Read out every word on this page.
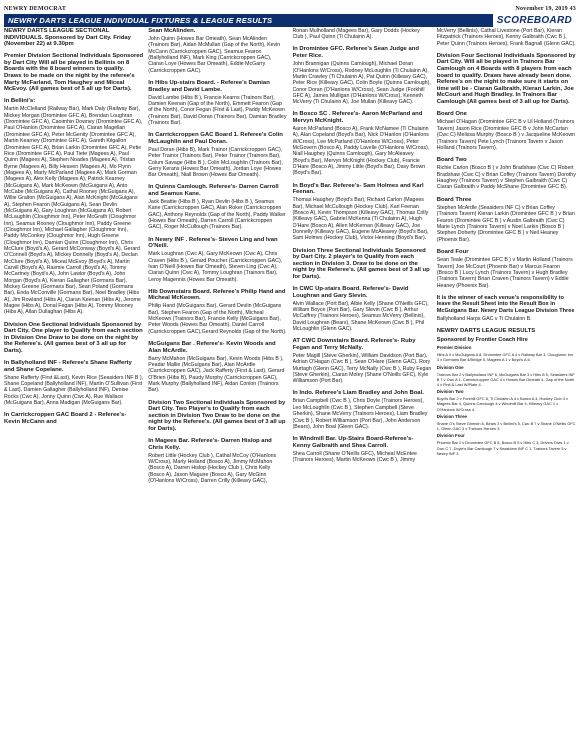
NEWRY DEMOCRAT	November 19, 2019 43
NEWRY DARTS LEAGUE INDIVIDUAL FIXTURES & LEAGUE RESULTS	SCOREBOARD

NEWRY DARTS LEAGUE SECTIONAL INDIVIDUALS. Sponsored by Dart City. Friday (November 22) at 9.30pm

Premier Division Sectional Individuals Sponsored by Dart City Will all be played in Bellinis on 8 Boards with the 8 board winners to qualify. Draws to be made on the night by the referee's Marty McFarland, Tom Haughey and Miceal McEvoy. (All games best of 5 all up for Darts).

In Bellini's:

Martin McClelland (Railway Bar), Mark Daly (Railway Bar), Mickey Morgan (Dromintee GFC A), Brendan Loughran (Dromintee GFC A), Caoimhin Downey (Dromintee GFC A), Paul O'Hanlon (Dromintee GFC A), Ciaran Magellan (Dromintee GFC A), Peter McGenity (Dromintee GFC A), Martin Kearney (Dromintee GFC A), Gareth Kilgallon (Dromintee GFC A), Brian Larkin (Dromintee GFC A), Petie Rice (Dromintee GFC A), Paul Tiete (Magees A), Paul Quinn (Magees A), Stephen Noades (Magees A), Tristan Byrne (Magees A), Billy Heaven (Magees A), Mo Flynn (Magees A), Marty McParland (Magees A), Mark Gorman (Magees A), Alex Kelly (Magees A), Patrick Kearney (McGuigans A), Mark McKeown (McGuigans A), Anto McCabe (McGuigans A), Cathal Rooney (McGuigans A), Willie Gralton (McGuigans A), Alan McKnight (McGuigans A), Stephen Fearon (McGuigans A), Sean Devlin (McGuigans A), Gary Loughran (McGuigans A), Robert McLaughlin (Cloughmor Inn), Peter McGrath (Cloughmor Inn), Seamus Rooney (Cloughmor Inn), Paddy Greene (Cloughmor Inn), Michael Gallagher (Cloughmor Inn), Paddy McConkey (Cloughmor Inn), Hugh Greene (Cloughmor Inn), Damian Quinn (Cloughmor Inn), Chris McClure (Boyd's A), Gerard McConway (Boyd's A), Gerard O'Connell (Boyd's A), Mickey Donnelly (Boyd's A), Declan McClure (Boyd's A), Miceal McEvoy (Boyd's A), Martin Carvill (Boyd's A), Rasmie Carroll (Boyd's A), Tommy McCartney (Boyd's A), John Lawlor (Boyd's A), John Morgan (Boyd's A), Kieran Gallagher (Gormans Bar), Mickey Greene (Gormans Bar), Sean Poland (Gormans Bar), Enda McConville (Gormans Bar), Noel Bradley (Hibs A), Jim Rowland (Hibs A), Ciaran Keenan (Hibs A), Jerome Magee (Hibs A), Donal Fegan (Hibs A), Tommy Mooney (Hibs A), Allan Dullaghan (Hibs A).

Division One Sectional Individuals Sponsored by Dart City. One player to Qualify from each section in Division One Draw to be done on the night by the Referee's. (All games best of 3 all up for Darts).

In Ballyholland INF - Referee's Shane Rafferty and Shane Copelane.

Shane Rafferty (First &Last), Kevin Rice (Seasiders INF B ), Shane Copeland (Ballyholland INF), Martin O'Sullivan (First & Last), Damien Gallagher (Ballyholland INF), Denise Rocks (Cwc A), Jonny Quinn (Cwc A), Rue Wallace (McGuigans Bar), Anna Madigan (McGuigans Bar).

In Carrickcroppen GAC Board 2 - Referee's- Kevin McCann and

Sean McAlinden.

John Quinn (Howes Bar Omeath), Sean McAlinden (Trainors Bar), Aidan McMullan (Gap of the North), Kevin McCann (Carrickcroppen GAC), Seamus Fearon (Ballyholland INF), Mark King (Carrickcroppen GAC), Ciaran Loye (Howes Bar Omeath), Eddie McGarry (Carrickcroppen GAC).

In Hibs Up-stairs Board. - Referee's Damian Bradley and David Lambe.

David Lambe (Hibs B ), Francie Kearns (Trainors Bar), Damien Keenan (Gap of the North), Emmett Fearon (Gap of the North), Conor Fegan (First & Last), Paddy McKeown (Trainors Bar), David Doran (Trainors Bar), Damian Bradley (Trainors Bar).

In Carrickcroppen GAC Board 1. Referee's Colin McLaughlin and Paul Doran.

Paul Doran (Hibs B), Mark Trainor (Carrickcroppen GAC), Peter Trainor (Trainors Bar), Peter Trainor (Trainors Bar), Colum Savage (Hibs B ), Colin McLoughlin (Trainors Bar), Gerry Kerans (Howes Bar Omeath), Jordan Loye (Howes Bar Omeath), Niall Brown (Howes Bar Omeath).

In Quinns Camlough. Referee's- Darren Carroll and Seamus Kane.

Jack Beattie (Hibs B ), Ryan Devlin (Hibs B ), Seamus Kane (Carrickcroppen GAC), Alan Roker (Carrickcroppen GAC), Anthony Reynolds (Gap of the North), Paddy Walker (Howes Bar Omeath), Darren Carroll (Carrickcroppen GAC), Roger McCullough (Trainors Bar).

In Newry INF . Referee's- Steven Ling and Ivan O'Neill.

Mark Loughran (Cwc A), Gary McKeown (Cwc A), Chris Craven (Hibs B ), Gerard Poucher (Carrickcroppen GAC), Ivan O'Neill (Howes Bar Omeath), Steven Ling (Cwc A), Ciaran Quinn (Cwc A), Tommy Loughran (Trainors Bar), Leroy Magennis (Howes Bar Omeath).

Hib Downstairs Board. Referee's Philip Hand and Micheal McKeown.

Philip Hand (McGuigans Bar), Gerard Devlin (McGuigans Bar), Stephen Fearon (Gap of the North), Micheal McKeown (Trainors Bar), Francie Kelly (McGuigans Bar), Peter Woods (Howes Bar Omeath), Daniel Carroll (Carrickcroppen GAC),Gerard Reynolds (Gap of the North).

McGuigans Bar . Referee's- Kevin Woods and Alan McArdle.

Barry McMahon (McGuigans Bar), Kevin Woods (Hibs B ), Peadar Mallie (McGuigans Bar), Alan McArdle (Carrickcroppen GAC), Jack Rafferty (First & Last), Gerard O'Brien (Hibs B), Paudy Murphy (Carrickcroppen GAC), Mark Murphy (Ballyholland INF), Aidan Conlon (Trainors Bar).

Division Two Sectional Individuals Sponsored by Dart City. Two Player's to Qualify from each section in Division Two Draw to be done on the night by the Referee's. (All games best of 3 all up for Darts).

In Magees Bar. Referee's- Darren Hislop and Chris Kelly.

Robert Little (Hockey Club ), Cathal McCoy (O'Hanlons W/Cross), Marty Holland (Bosco A), Jimmy McMahon (Bosco A), Darren Hislop (Hockey Club ), Chris Kelly (Bosco A), Jason Maguire (Bosco A), Gary McGinn (O'Hanlons W/Cross), Darren Crilly (Killeavy GAC),

Ronan Mulholland (Magees Bar), Gary Dodds (Hockey Club ), Paul Quinn (Ti Chulainn A).

In Dromintee GFC. Referee's Sean Judge and Peter Rice.

John Brannigan (Quinns Camlough), Michael Doran (O'Hanlons W/Cross), Rodney McLoughlin (Ti Chulainn A), Martin Crawley (Ti Chulainn A), Pat Quinn (Killeavy GAC), Peter Rice (Killeavy GAC), Colin Boyle (Quinns Camlough), Conor Doran (O'Hanlons W/Cross), Sean Judge (Forkhill GFC A), James Mulligan (O'Hanlons W/Cross), Kenneth McVerry (Ti Chulainn A), Joe Mullan (Killeavy GAC).

In Bosco SC . Referee's- Aaron McParland and Mervyn McKnight.

Aaron McParland (Bosco A), Frank McNamee (Ti Chulainn A), Alan Copeland (Boyd's Bar), Nick O'Hanlon (O'Hanlons W/Cross), Lee McParland (O'Hanlons W/Cross), Peter McGovern (Bosco A), Paddy Lavelle (O'Hanlons W/Cross), Niall Haughey (Quinns Camlough), Gary McAleavey (Boyd's Bar), Mervyn McKnight (Hockey Club), Francie O'Hare (Bosco A), Jimmy Little (Boyd's Bar), Davy Brown (Boyd's Bar).

In Boyd's Bar. Referee's- Sam Holmes and Karl Feenan.

Thomas Haughey (Boyd's Bar), Richard Carlon (Magees Bar), Michael McCullough (Hockey Club), Karl Feenan (Bosco A), Kevin Thompson (Killeavy GAC), Thomas Crilly (Killeavy GAC), Gabriel McKenna (Ti Chulainn A), Hugh O'Hare (Bosco A), Allen McKernan (Killeavy GAC), Joe Donnelly (Killeavy GAC), Eugene McAleavey (Boyd's Bar), Sam Holmes (Hockey Club), Victor Henning (Boyd's Bar).

Division Three Sectional Individuals Sponsored by Dart City. 2 player's to Qualify from each section in Division 3. Draw to be done on the night by the Referee's. (All games best of 3 all up for Darts).

In CWC Up-stairs Board. Referee's- David Loughran and Gary Slevin.

Alvin Wallace (Port Bar), Albie Kelly (Shane O'Neills GFC), William Boyce (Port Bar), Gary Slevin (Cwc B ), Arthur McCaffrey (Trainors Heroes), Seamus McVerry (Bellinis), David Loughran (Bears), Shane McKeown (Cwc B ), Phil McLoughlin (Glenn GAC).

AT CWC Downstairs Board. Referee's- Ruby Fegan and Terry McNally.

Peter Magill (Steve Gherkin), William Davidson (Port Bar), Adrian O'Hagan (Cwc B ), Sean O'Hare (Glenn GAC), Rory Murtagh (Glenn GAC), Terry McNally (Cwc B ), Ruby Fegan (Steve Gherkin), Ciaran Moley (Shane O'Neills GFC), Kyle Williamson (Port Bar).

In Indo. Referee's Liam Bradley and John Boal.

Brian Campbell (Cwc B ), Chris Doyle (Trainors Heroes), Leo McLoughlin (Cwc B ), Stephen Campbell (Steve Gherkin), Shane McVerry (Trainors Heroes), Liam Bradley (Cwc B ), Robert Williamson (Port Bar), John Anderson (Bears), John Boal (Glenn GAC).

In Windmill Bar. Up-Stairs Board-Referee's- Kenny Galbraith and Shea Carroll.

Shea Carroll (Shane O'Neills GFC), Micheal McEntee (Trainors Heroes), Martin McKeown (Cwc B ), Jimmy

McVerry (Bellinis), Cathal Livestone (Port Bar), Kieran Fitzpatrick (Trainors Heroes), Kenny Galbraith (Cwc B ), Peter Quinn (Trainors Heroes), Frank Bagnall (Glenn GAC).

Division Four Sectional Individuals Sponsored by Dart City. Will all be played in Trainors Bar Camlough on 4 Boards with 8 players from each board to qualify. Draws have already been done. Referee's on the night to make sure it starts on time will be - Ciaran Galbraith, Kieran Larkin, Joe McCourt and Hugh Bradley. In Trainors Bar Camlough (All games best of 3 all up for Darts).

Board One

Michael O'Hagan (Dromintee GFC B v Lil Holland (Trainors Tavern) Jason Rice (Dromintee GFC B v John McCartan (Cwc C) Melissa Murphy (Bosco B ) v Jacqueline McKeown (Trainors Tavern) Pete Lynch (Trainors Tavern v Jason Holland (Trainors Tavern).

Board Two

Richie Carlon (Bosco B ) v John Bradshaw (Cwc C) Robert Bradshaw (Cwc C) v Brian Coffey (Trainors Tavern) Dorothy Haughey (Trainors Tavern) v Stephen Galbraith (Cwc C) Ciaran Galbraith v Paddy McShane (Dromintee GFC B).

Board Three

Stephen McArdle (Seasiders INF C) v Brian Coffey (Trainors Tavern) Kieran Larkin (Dromintee GFC B ) v Brian Fearon (Dromintee GFC B ) v Austin Galbraith (Cwc C) Marie Lynch (Trainors Tavern) v Noel Larkin (Bosco B ) Stephen Doherty (Dromintee GFC B ) v Neil Heaney (Phoenix Bar).

Board Four

Sean Teale (Dromintee GFC B ) v Martin Holland (Trainors Tavern) Joe McCourt (Phoenix Bar) v Marcus Fearon (Bosco B ) Lucy Lynch (Trainors Tavern) v Hugh Bradley (Trainors Tavern) Brian Craven (Trainors Tavern) v Eddie Heaney (Phoenix Bar).

It is the winner of each venue's responsibility to leave the Result Sheet into the Result Box in McGuigans Bar. Newry Darts League Division Three

Ballyholland Harps GAC v Ti Chulainn B.

NEWRY DARTS LEAGUE RESULTS

Sponsored by Frontier Coach Hire

Premier Division

Hibs A 0 v McGuigans A 8, Dromintee GFC A 4 v Railway Bar 3, Cloughmor Inn 3 v Gormans Bar 4/Bridge 5, Magees A 1 v Boyd's A 6.

Division One

Trainors Bar 2 v Ballyholland INF 6, McGuigans Bar 3 v Hibs B 5, Seasiders INF B 7 v Cwc A 1, Carrickcroppen GAC 4 v Howes Bar Omeath 4, Gap of the North 4 v First & Last W/Plate 4.

Division Two

Boyd's Bar 2 v Forkhill GFC 6, Ti Chulainn A 4 v Bosco A 4, Hockey Club 4 v Magees Bar 4, Quinns Camlough 4 v Windmill Bar 4, Killeavy GAC 1 v O'Hanlons W/Cross 4.

Division Three

Shane O's Steve Gherkin 6, Bears 3 v Bellini's 5, Cwc B 7 v Shane O'Neills GFC 1, Glenn GAC 3 v Trainors Heroes 3.

Division Four

Phoenix Bar 2 v Dromintee GFC B 6, Bosco B 5 v Hibs C 3, Drivers Divis 1 v Cwc C 7, Doyle's Bar Camlough 7 v Seasiders INF C 1, Trainors Tavern 5 v Newry INF 3.
